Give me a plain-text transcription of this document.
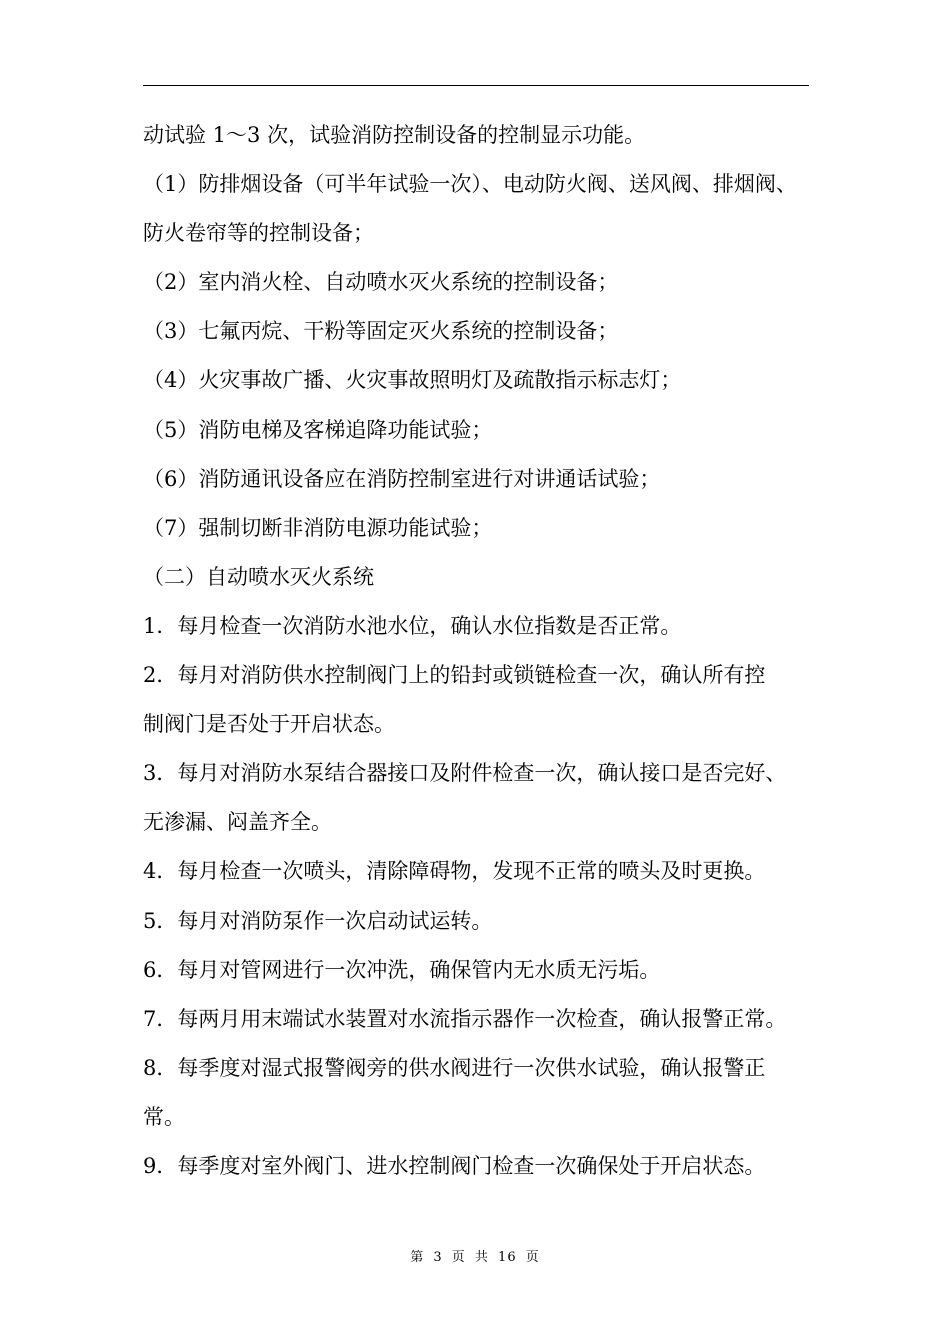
动试验 1～3 次，试验消防控制设备的控制显示功能。
（1）防排烟设备（可半年试验一次）、电动防火阀、送风阀、排烟阀、
防火卷帘等的控制设备；
（2）室内消火栓、自动喷水灭火系统的控制设备；
（3）七氟丙烷、干粉等固定灭火系统的控制设备；
（4）火灾事故广播、火灾事故照明灯及疏散指示标志灯；
（5）消防电梯及客梯追降功能试验；
（6）消防通讯设备应在消防控制室进行对讲通话试验；
（7）强制切断非消防电源功能试验；
（二）自动喷水灭火系统
1．每月检查一次消防水池水位，确认水位指数是否正常。
2．每月对消防供水控制阀门上的铅封或锁链检查一次，确认所有控
制阀门是否处于开启状态。
3．每月对消防水泵结合器接口及附件检查一次，确认接口是否完好、
无渗漏、闷盖齐全。
4．每月检查一次喷头，清除障碍物，发现不正常的喷头及时更换。
5．每月对消防泵作一次启动试运转。
6．每月对管网进行一次冲洗，确保管内无水质无污垢。
7．每两月用末端试水装置对水流指示器作一次检查，确认报警正常。
8．每季度对湿式报警阀旁的供水阀进行一次供水试验，确认报警正
常。
9．每季度对室外阀门、进水控制阀门检查一次确保处于开启状态。
第 3 页 共 16 页
